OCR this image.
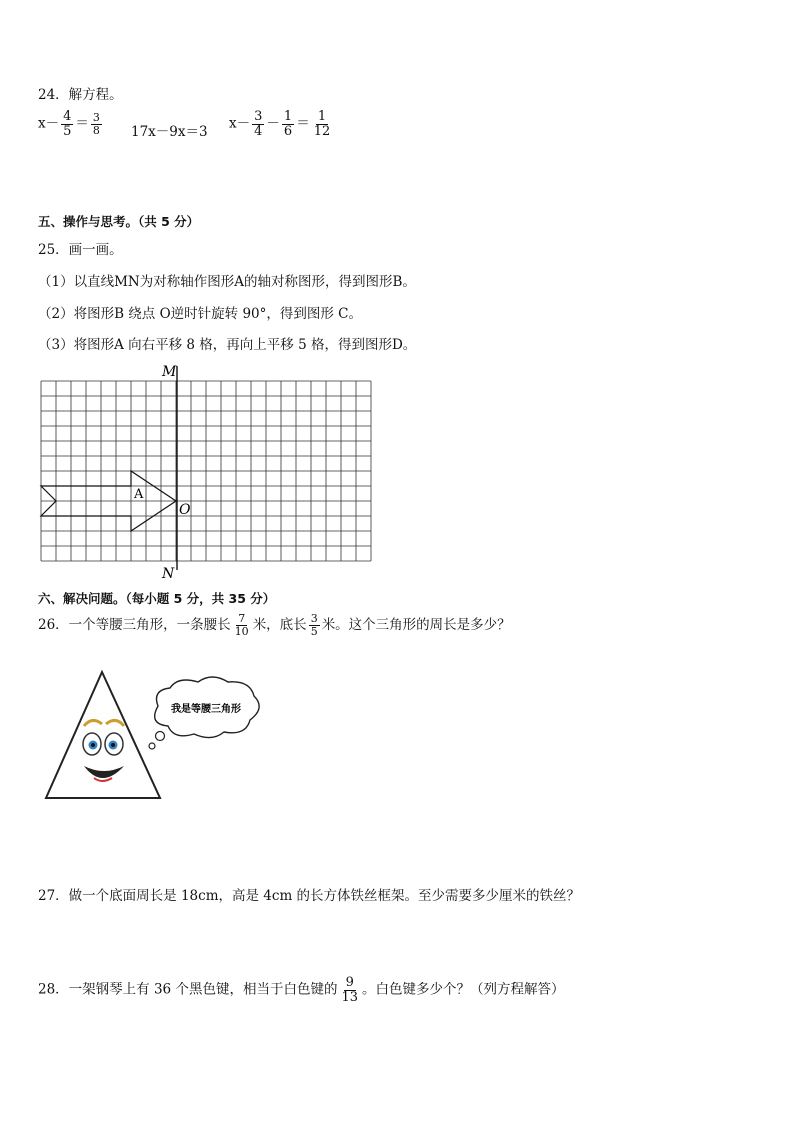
24．解方程。
$x- \frac{4}{5} = \frac{3}{8} 17x-9x=3$
$x- \frac{3}{4} - \frac{1}{6} = \frac{1}{12}$
五、操作与思考。（共 5 分）
25．画一画。
（1）以直线MN为对称轴作图形A的轴对称图形，得到图形B。
（2）将图形B 绕点 O逆时针旋转 90°，得到图形 C。
（3）将图形A 向右平移 8 格，再向上平移 5 格，得到图形D。
M
N
O
A
六、解决问题。（每小题 5 分，共 35 分）
26．一个等腰三角形，一条腰长 $\frac{7}{10}$ 米，底长 $\frac{3}{5}$ 米。这个三角形的周长是多少？
我是等腰三角形
27．做一个底面周长是 18cm，高是 4cm 的长方体铁丝框架。至少需要多少厘米的铁丝？
28．一架钢琴上有 36 个黑色键，相当于白色键的 $\frac{9}{13}$ 。白色键多少个？（列方程解答）
